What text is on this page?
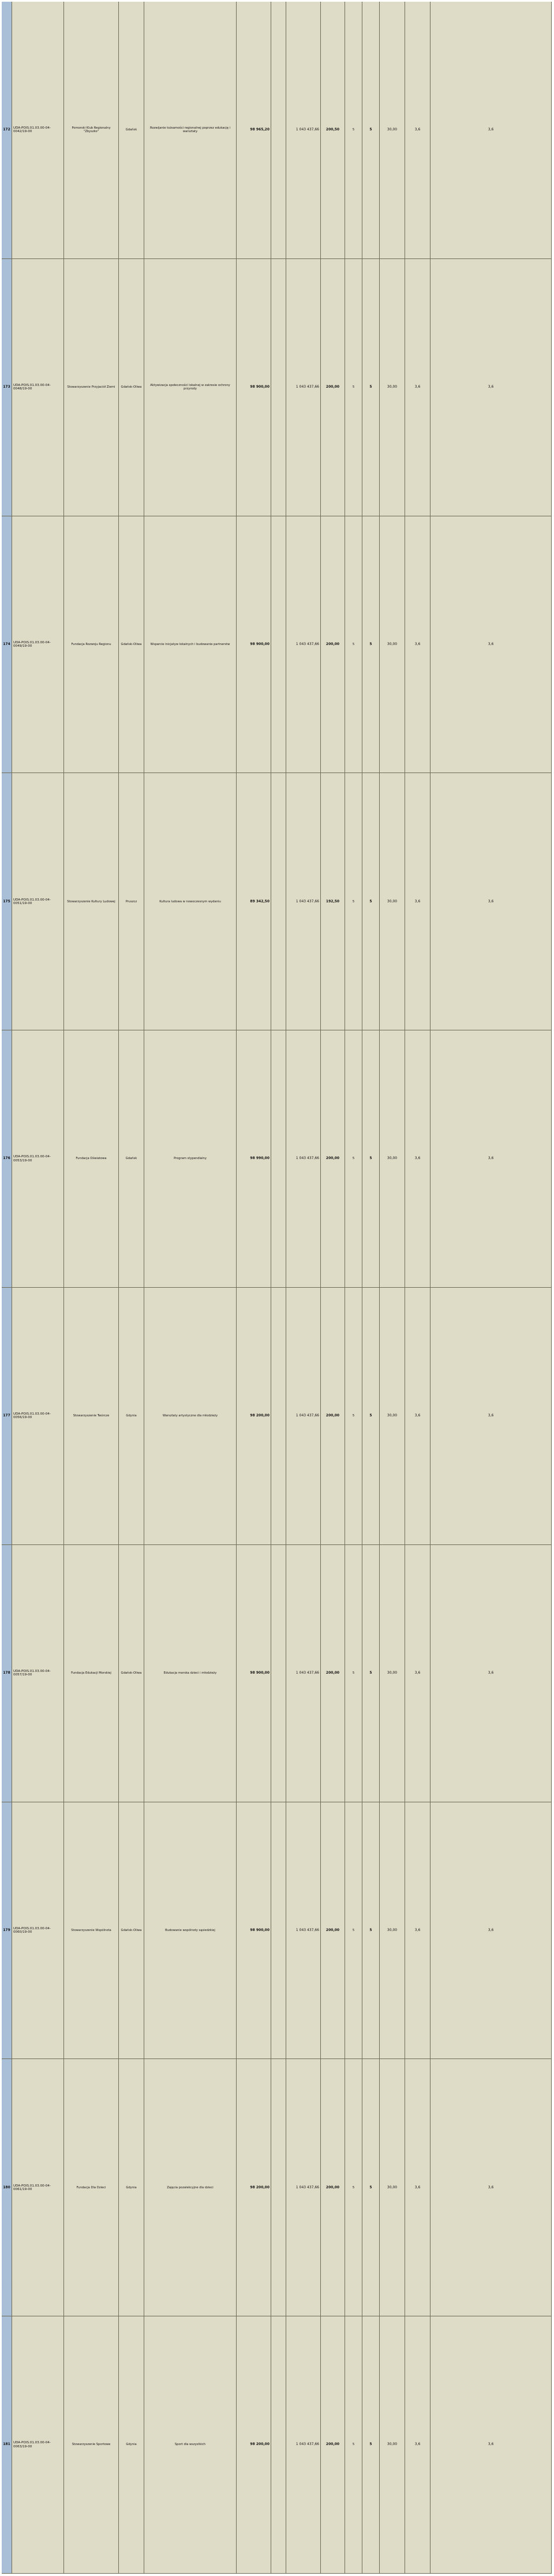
172 UDA-POIS.01.03.00-04-0042/19-00
Pomorski Klub Regionalny "Zbyszko"
Gdańsk
Rozwijanie tożsamości regionalnej poprzez edukację i warsztaty
98 965,20	1 043 437,66	200,50	5	5	30,00	3,6	3,6
173 UDA-POIS.01.03.00-04-0048/19-00
Stowarzyszenie Przyjaciół Ziemi	Gdańsk-Oliwa
Aktywizacja społeczności lokalnej w zakresie ochrony przyrody
98 900,00	1 043 437,66	200,00	5	5	30,00	3,6	3,6
174 UDA-POIS.01.03.00-04-0049/19-00
Fundacja Rozwoju Regionu	Gdańsk-Oliwa	Wsparcie inicjatyw lokalnych i budowanie partnerstw	98 900,00	1 043 437,66	200,00	5	5	30,00	3,6	3,6
175 UDA-POIS.01.03.00-04-0051/19-00
Stowarzyszenie Kultury Ludowej	Pruszcz	Kultura ludowa w nowoczesnym wydaniu	89 342,50	1 043 437,66	192,50	5	5	30,00	3,6	3,6
176 UDA-POIS.01.03.00-04-0053/19-00
Fundacja Oświatowa	Gdańsk	Program stypendialny	98 990,00	1 043 437,66	200,00	5	5	30,00	3,6	3,6
177 UDA-POIS.01.03.00-04-0056/19-00
Stowarzyszenie Twórcze	Gdynia	Warsztaty artystyczne dla młodzieży	98 200,00	1 043 437,66	200,00	5	5	30,00	3,6	3,6
178 UDA-POIS.01.03.00-04-0057/19-00
Fundacja Edukacji Morskiej	Gdańsk-Oliwa	Edukacja morska dzieci i młodzieży	98 900,00	1 043 437,66	200,00	5	5	30,00	3,6	3,6
179 UDA-POIS.01.03.00-04-0060/19-00
Stowarzyszenie Wspólnota	Gdańsk-Oliwa	Budowanie wspólnoty sąsiedzkiej	98 900,00	1 043 437,66	200,00	5	5	30,00	3,6	3,6
180 UDA-POIS.01.03.00-04-0061/19-00
Fundacja Dla Dzieci	Gdynia	Zajęcia pozalekcyjne dla dzieci	98 200,00	1 043 437,66	200,00	5	5	30,00	3,6	3,6
181 UDA-POIS.01.03.00-04-0063/19-00
Stowarzyszenie Sportowe	Gdynia	Sport dla wszystkich	98 200,00	1 043 437,66	200,00	5	5	30,00	3,6	3,6
